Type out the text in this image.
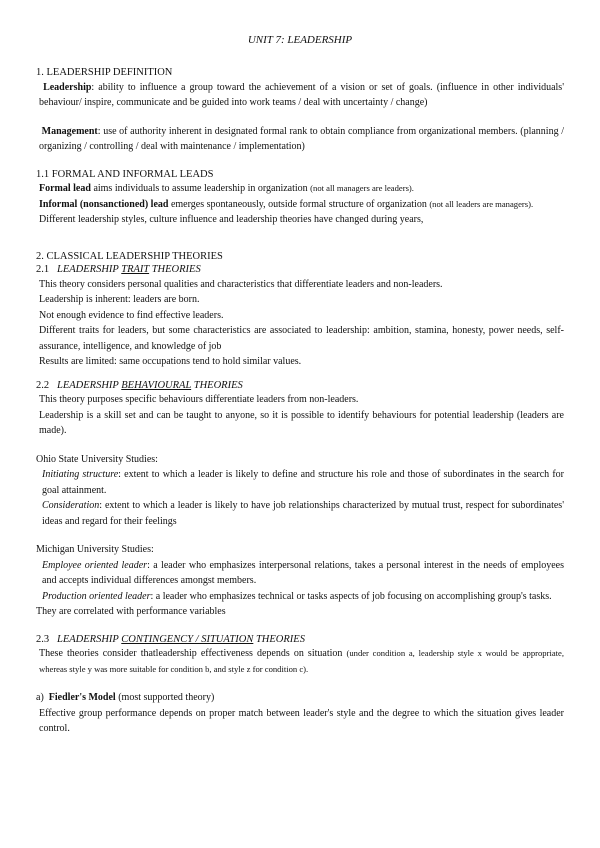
UNIT 7: LEADERSHIP
1. LEADERSHIP DEFINITION

Leadership: ability to influence a group toward the achievement of a vision or set of goals. (influence in other individuals' behaviour/ inspire, communicate and be guided into work teams / deal with uncertainty / change)

Management: use of authority inherent in designated formal rank to obtain compliance from organizational members. (planning / organizing / controlling / deal with maintenance / implementation)

1.1 FORMAL AND INFORMAL LEADS

Formal lead aims individuals to assume leadership in organization (not all managers are leaders).

Informal (nonsanctioned) lead emerges spontaneously, outside formal structure of organization (not all leaders are managers).

Different leadership styles, culture influence and leadership theories have changed during years,

2. CLASSICAL LEADERSHIP THEORIES
2.1 LEADERSHIP TRAIT THEORIES

This theory considers personal qualities and characteristics that differentiate leaders and non-leaders.

Leadership is inherent: leaders are born.

Not enough evidence to find effective leaders.

Different traits for leaders, but some characteristics are associated to leadership: ambition, stamina, honesty, power needs, self-assurance, intelligence, and knowledge of job

Results are limited: same occupations tend to hold similar values.

2.2 LEADERSHIP BEHAVIOURAL THEORIES

This theory purposes specific behaviours differentiate leaders from non-leaders.

Leadership is a skill set and can be taught to anyone, so it is possible to identify behaviours for potential leadership (leaders are made).

Ohio State University Studies:

Initiating structure: extent to which a leader is likely to define and structure his role and those of subordinates in the search for goal attainment.

Consideration: extent to which a leader is likely to have job relationships characterized by mutual trust, respect for subordinates' ideas and regard for their feelings

Michigan University Studies:

Employee oriented leader: a leader who emphasizes interpersonal relations, takes a personal interest in the needs of employees and accepts individual differences amongst members.

Production oriented leader: a leader who emphasizes technical or tasks aspects of job focusing on accomplishing group's tasks.

They are correlated with performance variables

2.3 LEADERSHIP CONTINGENCY / SITUATION THEORIES

These theories consider thatleadership effectiveness depends on situation (under condition a, leadership style x would be appropriate, whereas style y was more suitable for condition b, and style z for condition c).

a) Fiedler's Model (most supported theory)

Effective group performance depends on proper match between leader's style and the degree to which the situation gives leader control.
